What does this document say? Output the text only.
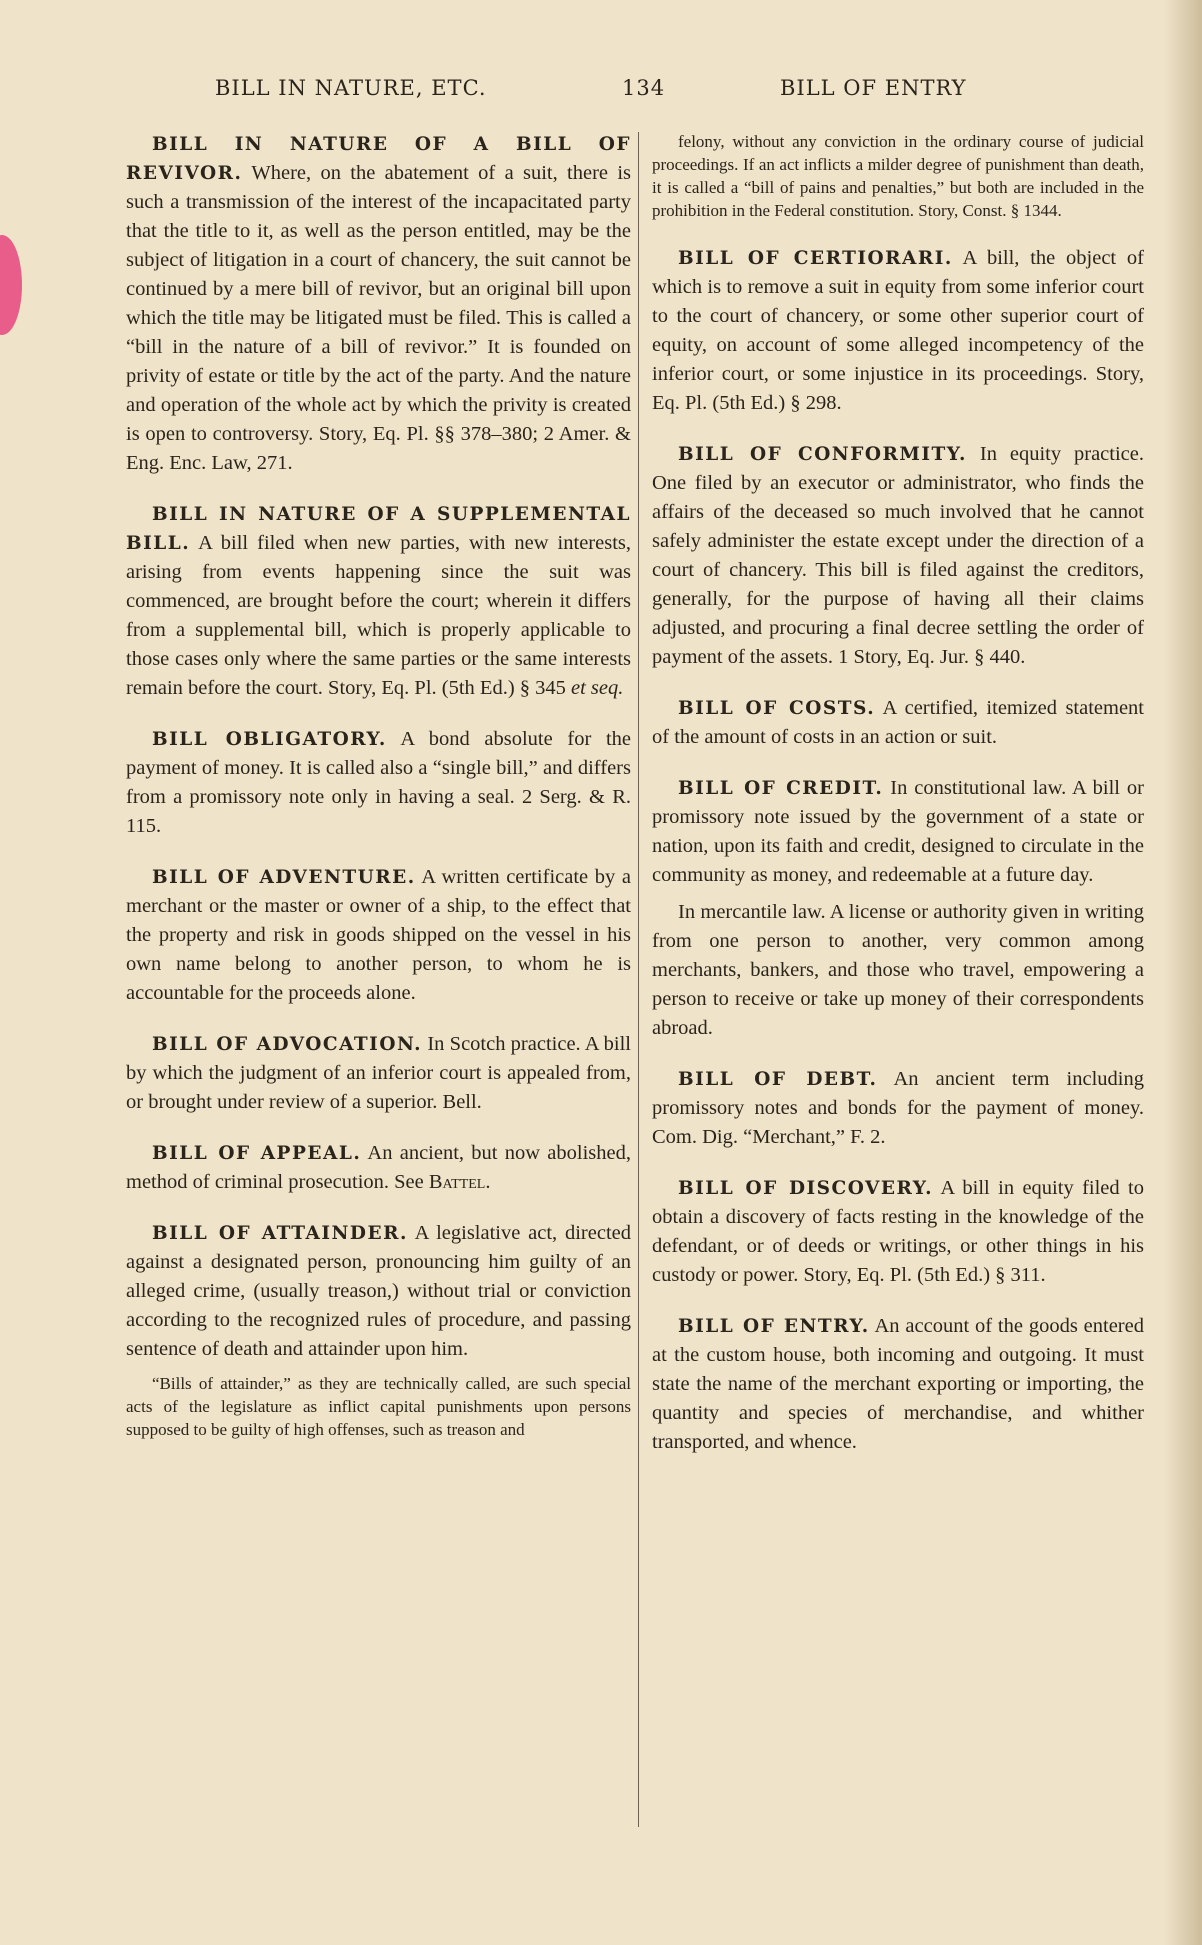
BILL IN NATURE, ETC.	134	BILL OF ENTRY

BILL IN NATURE OF A BILL OF REVIVOR. Where, on the abatement of a suit, there is such a transmission of the interest of the incapacitated party that the title to it, as well as the person entitled, may be the subject of litigation in a court of chancery, the suit cannot be continued by a mere bill of revivor, but an original bill upon which the title may be litigated must be filed. This is called a “bill in the nature of a bill of revivor.” It is founded on privity of estate or title by the act of the party. And the nature and operation of the whole act by which the privity is created is open to controversy. Story, Eq. Pl. §§ 378–380; 2 Amer. & Eng. Enc. Law, 271.

BILL IN NATURE OF A SUPPLEMENTAL BILL. A bill filed when new parties, with new interests, arising from events happening since the suit was commenced, are brought before the court; wherein it differs from a supplemental bill, which is properly applicable to those cases only where the same parties or the same interests remain before the court. Story, Eq. Pl. (5th Ed.) § 345 et seq.

BILL OBLIGATORY. A bond absolute for the payment of money. It is called also a “single bill,” and differs from a promissory note only in having a seal. 2 Serg. & R. 115.

BILL OF ADVENTURE. A written certificate by a merchant or the master or owner of a ship, to the effect that the property and risk in goods shipped on the vessel in his own name belong to another person, to whom he is accountable for the proceeds alone.

BILL OF ADVOCATION. In Scotch practice. A bill by which the judgment of an inferior court is appealed from, or brought under review of a superior. Bell.

BILL OF APPEAL. An ancient, but now abolished, method of criminal prosecution. See Battel.

BILL OF ATTAINDER. A legislative act, directed against a designated person, pronouncing him guilty of an alleged crime, (usually treason,) without trial or conviction according to the recognized rules of procedure, and passing sentence of death and attainder upon him.

“Bills of attainder,” as they are technically called, are such special acts of the legislature as inflict capital punishments upon persons supposed to be guilty of high offenses, such as treason and

felony, without any conviction in the ordinary course of judicial proceedings. If an act inflicts a milder degree of punishment than death, it is called a “bill of pains and penalties,” but both are included in the prohibition in the Federal constitution. Story, Const. § 1344.

BILL OF CERTIORARI. A bill, the object of which is to remove a suit in equity from some inferior court to the court of chancery, or some other superior court of equity, on account of some alleged incompetency of the inferior court, or some injustice in its proceedings. Story, Eq. Pl. (5th Ed.) § 298.

BILL OF CONFORMITY. In equity practice. One filed by an executor or administrator, who finds the affairs of the deceased so much involved that he cannot safely administer the estate except under the direction of a court of chancery. This bill is filed against the creditors, generally, for the purpose of having all their claims adjusted, and procuring a final decree settling the order of payment of the assets. 1 Story, Eq. Jur. § 440.

BILL OF COSTS. A certified, itemized statement of the amount of costs in an action or suit.

BILL OF CREDIT. In constitutional law. A bill or promissory note issued by the government of a state or nation, upon its faith and credit, designed to circulate in the community as money, and redeemable at a future day.

In mercantile law. A license or authority given in writing from one person to another, very common among merchants, bankers, and those who travel, empowering a person to receive or take up money of their correspondents abroad.

BILL OF DEBT. An ancient term including promissory notes and bonds for the payment of money. Com. Dig. “Merchant,” F. 2.

BILL OF DISCOVERY. A bill in equity filed to obtain a discovery of facts resting in the knowledge of the defendant, or of deeds or writings, or other things in his custody or power. Story, Eq. Pl. (5th Ed.) § 311.

BILL OF ENTRY. An account of the goods entered at the custom house, both incoming and outgoing. It must state the name of the merchant exporting or importing, the quantity and species of merchandise, and whither transported, and whence.
